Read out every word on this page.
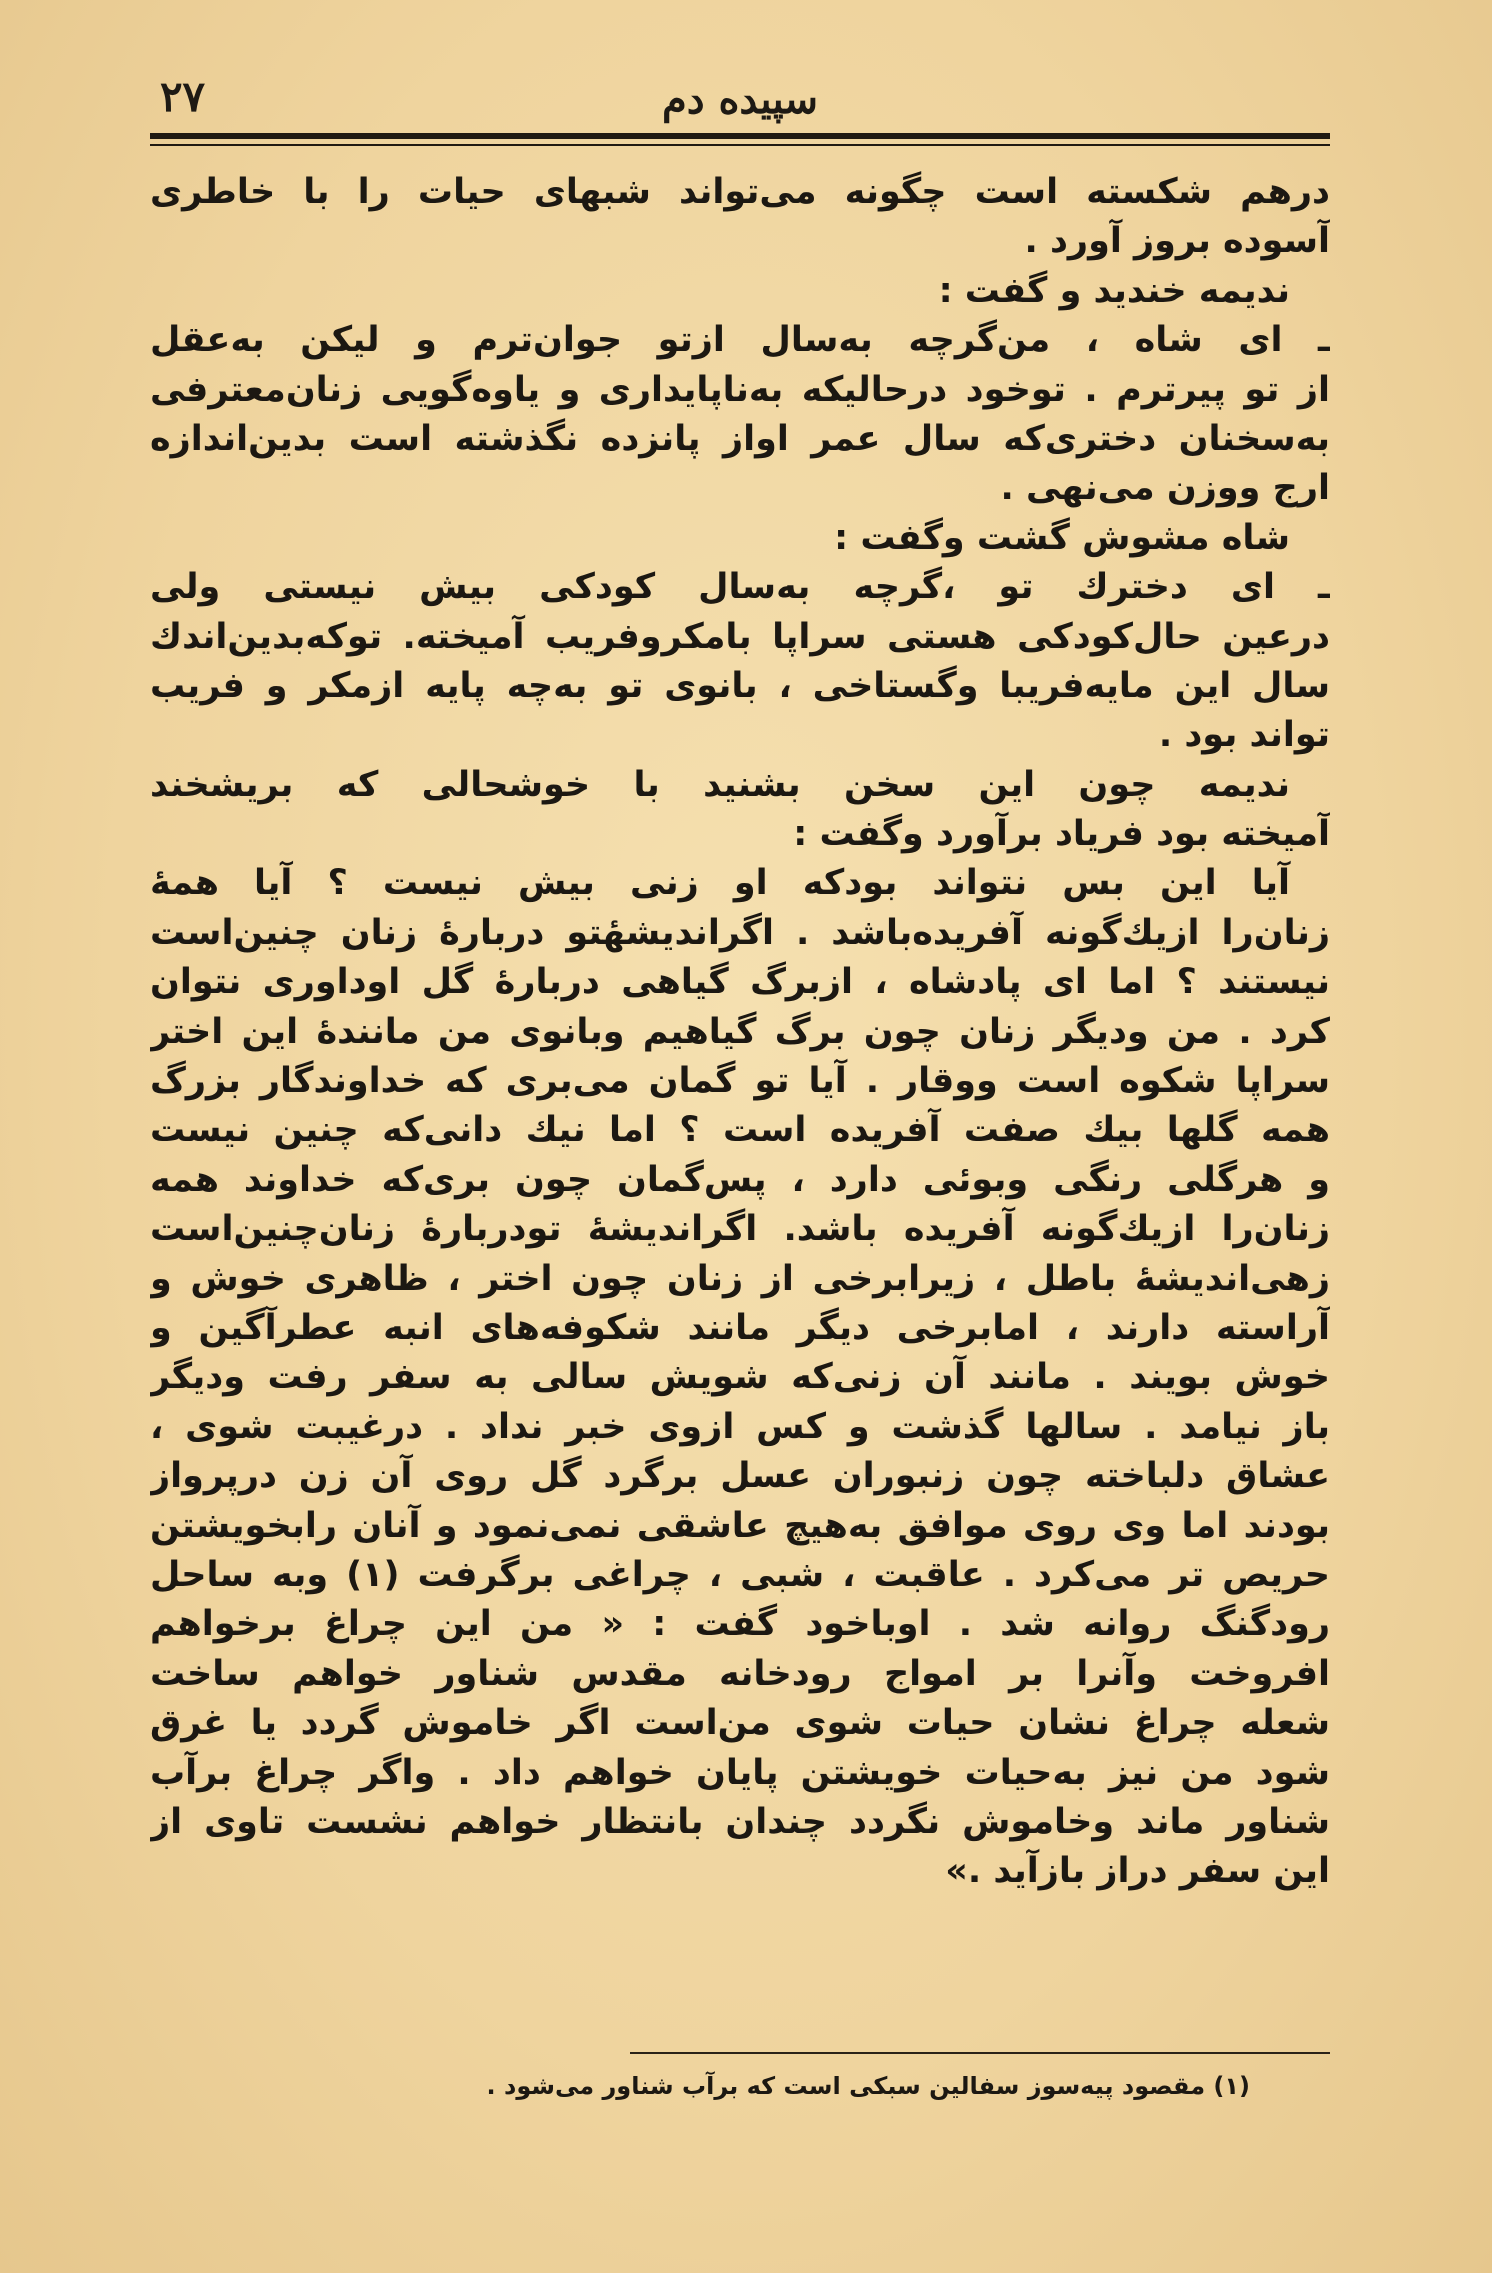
سپیده دم
۲۷
درهم شکسته است چگونه می‌تواند شبهای حیات را با خاطری
آسوده بروز آورد .
ندیمه خندید و گفت :
ـ ای شاه ، من‌گرچه به‌سال ازتو جوان‌ترم و لیکن به‌عقل
از تو پیرترم . توخود درحالیکه به‌ناپایداری و یاوه‌گویی زنان‌معترفی
به‌سخنان دختری‌که سال عمر اواز پانزده نگذشته است بدین‌اندازه
ارج ووزن می‌نهی .
شاه مشوش گشت وگفت :
ـ ای دخترك تو ،گرچه به‌سال کودکی بیش نیستی ولی
درعین حال‌کودکی هستی سراپا بامکروفریب آمیخته. توکه‌بدین‌اندك
سال این مایه‌فریبا وگستاخی ، بانوی تو به‌چه پایه ازمکر و فریب
تواند بود .
ندیمه چون این سخن بشنید با خوشحالی که بریشخند
آمیخته بود فریاد برآورد وگفت :
آیا این بس نتواند بودکه او زنی بیش نیست ؟ آیا همهٔ
زنان‌را ازیك‌گونه آفریده‌باشد . اگراندیشهٔتو دربارهٔ زنان چنین‌است
نیستند ؟ اما ای پادشاه ، ازبرگ گیاهی دربارهٔ گل اوداوری نتوان
کرد . من ودیگر زنان چون برگ گیاهیم وبانوی من مانندهٔ این اختر
سراپا شکوه است ووقار . آیا تو گمان می‌بری که خداوندگار بزرگ
همه گلها بیك صفت آفریده است ؟ اما نیك دانی‌که چنین نیست
و هرگلی رنگی وبوئی دارد ، پس‌گمان چون بری‌که خداوند همه
زنان‌را ازیك‌گونه آفریده باشد. اگراندیشهٔ تودربارهٔ زنان‌چنین‌است
زهی‌اندیشهٔ باطل ، زیرابرخی از زنان چون اختر ، ظاهری خوش و
آراسته دارند ، امابرخی دیگر مانند شکوفه‌های انبه عطرآگین و
خوش بویند . مانند آن زنی‌که شویش سالی به سفر رفت ودیگر
باز نیامد . سالها گذشت و کس ازوی خبر نداد . درغیبت شوی ،
عشاق دلباخته چون زنبوران عسل برگرد گل روی آن زن درپرواز
بودند اما وی روی موافق به‌هیچ عاشقی نمی‌نمود و آنان رابخویشتن
حریص تر می‌کرد . عاقبت ، شبی ، چراغی برگرفت (۱) وبه ساحل
رودگنگ روانه شد . اوباخود گفت : « من این چراغ برخواهم
افروخت وآنرا بر امواج رودخانه مقدس شناور خواهم ساخت
شعله چراغ نشان حیات شوی من‌است اگر خاموش گردد یا غرق
شود من نیز به‌حیات خویشتن پایان خواهم داد . واگر چراغ برآب
شناور ماند وخاموش نگردد چندان بانتظار خواهم نشست تاوی از
این سفر دراز بازآید .»
(۱) مقصود پیه‌سوز سفالین سبکی است که برآب شناور می‌شود .
